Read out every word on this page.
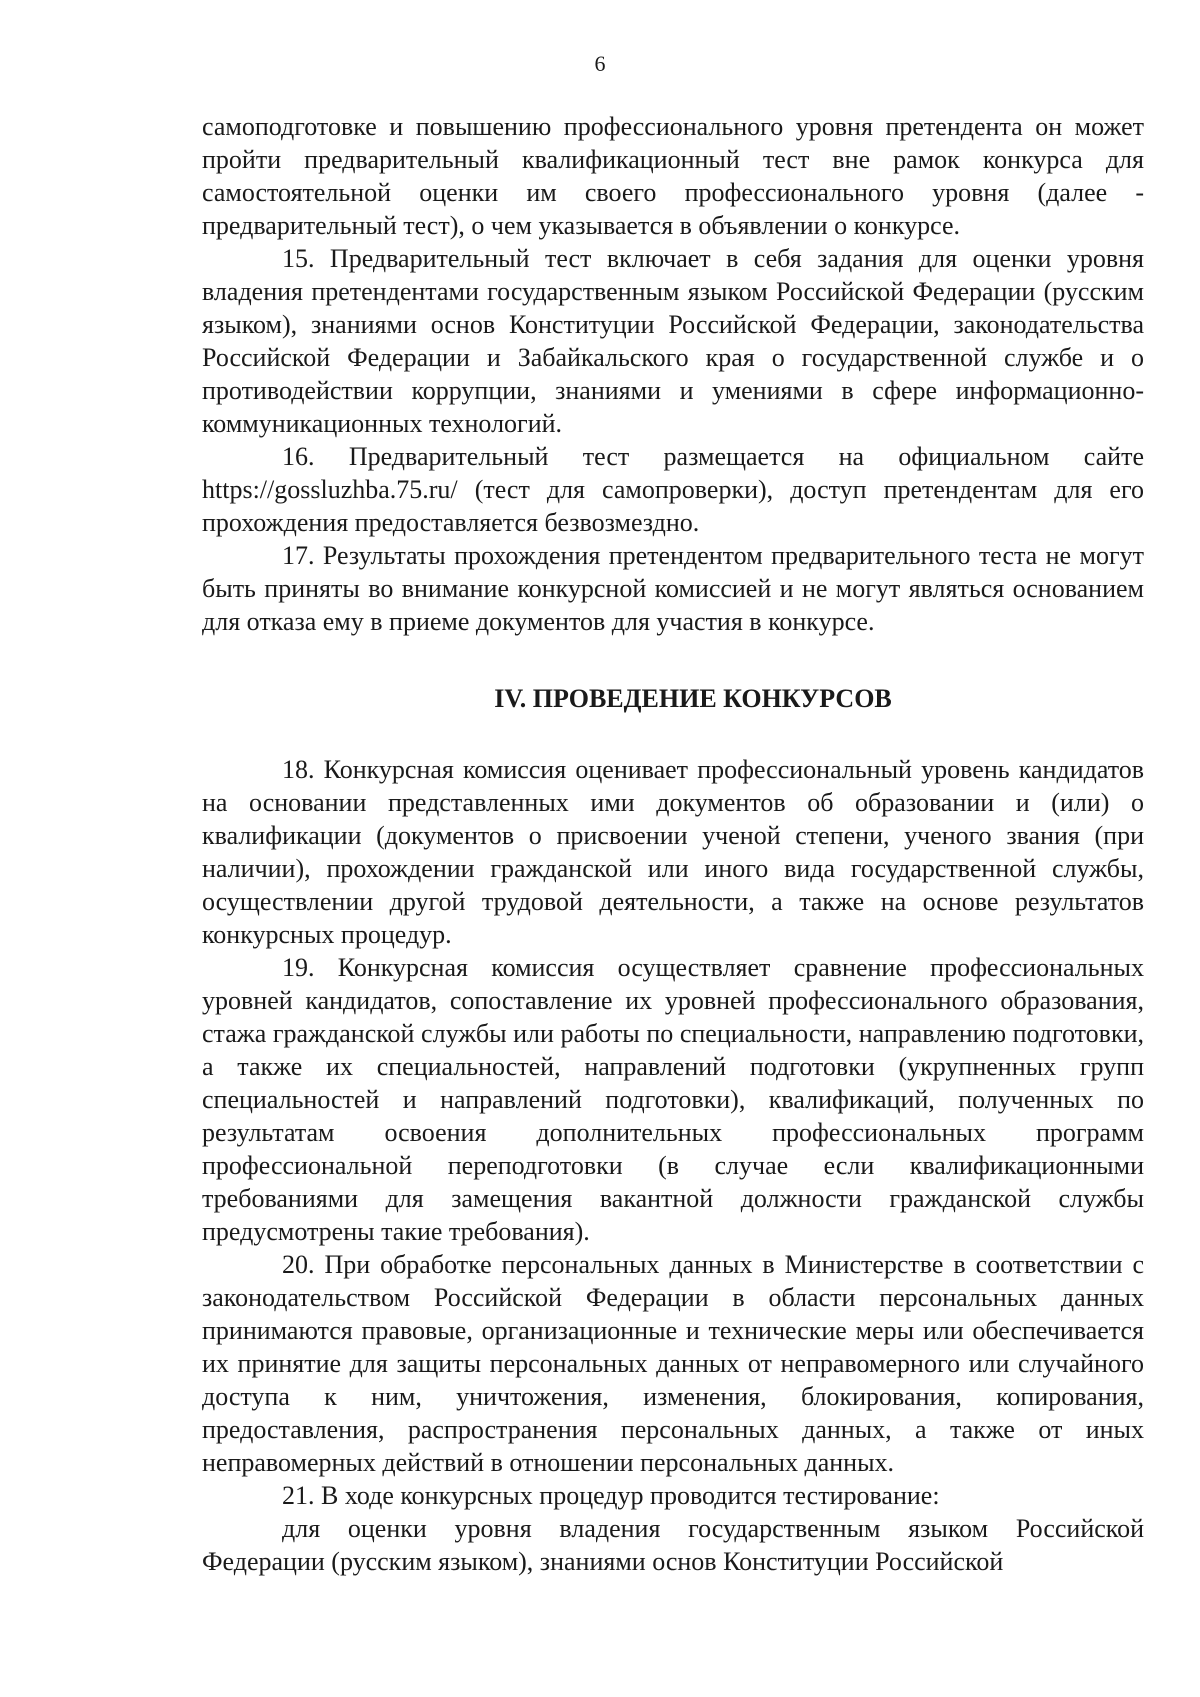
6

самоподготовке и повышению профессионального уровня претендента он может пройти предварительный квалификационный тест вне рамок конкурса для самостоятельной оценки им своего профессионального уровня (далее - предварительный тест), о чем указывается в объявлении о конкурсе.

15. Предварительный тест включает в себя задания для оценки уровня владения претендентами государственным языком Российской Федерации (русским языком), знаниями основ Конституции Российской Федерации, законодательства Российской Федерации и Забайкальского края о государственной службе и о противодействии коррупции, знаниями и умениями в сфере информационно-коммуникационных технологий.

16. Предварительный тест размещается на официальном сайте https://gossluzhba.75.ru/ (тест для самопроверки), доступ претендентам для его прохождения предоставляется безвозмездно.

17. Результаты прохождения претендентом предварительного теста не могут быть приняты во внимание конкурсной комиссией и не могут являться основанием для отказа ему в приеме документов для участия в конкурсе.

IV. ПРОВЕДЕНИЕ КОНКУРСОВ

18. Конкурсная комиссия оценивает профессиональный уровень кандидатов на основании представленных ими документов об образовании и (или) о квалификации (документов о присвоении ученой степени, ученого звания (при наличии), прохождении гражданской или иного вида государственной службы, осуществлении другой трудовой деятельности, а также на основе результатов конкурсных процедур.

19. Конкурсная комиссия осуществляет сравнение профессиональных уровней кандидатов, сопоставление их уровней профессионального образования, стажа гражданской службы или работы по специальности, направлению подготовки, а также их специальностей, направлений подготовки (укрупненных групп специальностей и направлений подготовки), квалификаций, полученных по результатам освоения дополнительных профессиональных программ профессиональной переподготовки (в случае если квалификационными требованиями для замещения вакантной должности гражданской службы предусмотрены такие требования).

20. При обработке персональных данных в Министерстве в соответствии с законодательством Российской Федерации в области персональных данных принимаются правовые, организационные и технические меры или обеспечивается их принятие для защиты персональных данных от неправомерного или случайного доступа к ним, уничтожения, изменения, блокирования, копирования, предоставления, распространения персональных данных, а также от иных неправомерных действий в отношении персональных данных.

21. В ходе конкурсных процедур проводится тестирование:

для оценки уровня владения государственным языком Российской Федерации (русским языком), знаниями основ Конституции Российской
